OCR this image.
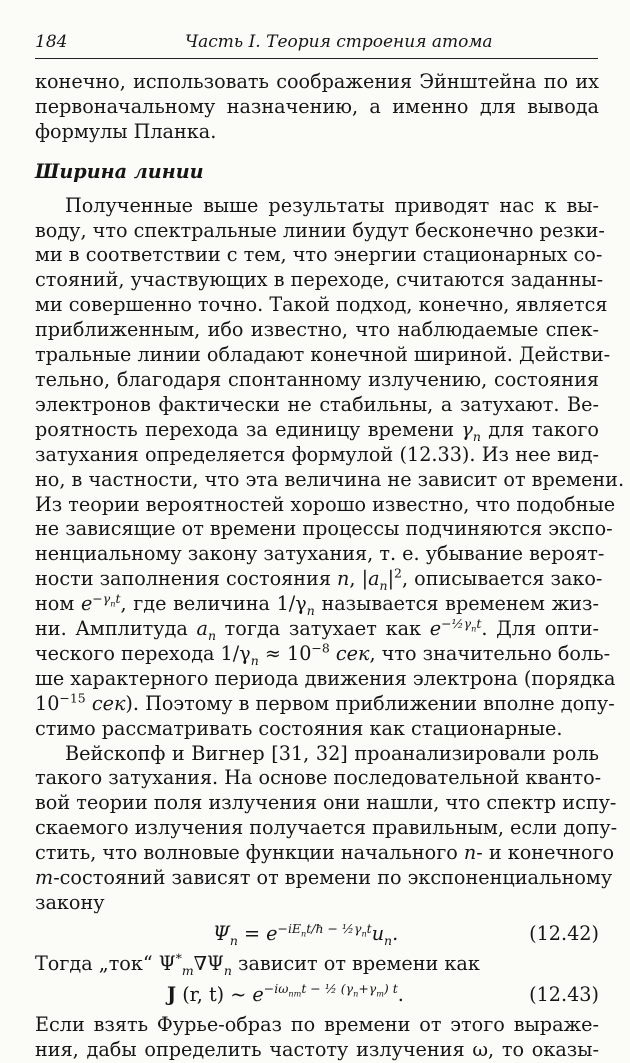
184	Часть I. Теория строения атома
конечно, использовать соображения Эйнштейна по их
первоначальному назначению, а именно для вывода
формулы Планка.
Ширина линии
Полученные выше результаты приводят нас к вы-
воду, что спектральные линии будут бесконечно резки-
ми в соответствии с тем, что энергии стационарных со-
стояний, участвующих в переходе, считаются заданны-
ми совершенно точно. Такой подход, конечно, является
приближенным, ибо известно, что наблюдаемые спек-
тральные линии обладают конечной шириной. Действи-
тельно, благодаря спонтанному излучению, состояния
электронов фактически не стабильны, а затухают. Ве-
роятность перехода за единицу времени $\gamma_n$ для такого
затухания определяется формулой (12.33). Из нее вид-
но, в частности, что эта величина не зависит от времени.
Из теории вероятностей хорошо известно, что подобные
не зависящие от времени процессы подчиняются экспо-
ненциальному закону затухания, т. е. убывание вероят-
ности заполнения состояния n, $|a_n|^2$, описывается зако-
ном $e^{-\gamma_nt}$, где величина $1/\gamma_n$ называется временем жиз-
ни. Амплитуда $a_n$ тогда затухает как $e^{-\frac{1}{2}\gamma_nt}$. Для опти-
ческого перехода $1/\gamma_n \approx 10^{-8}$ сек, что значительно боль-
ше характерного периода движения электрона (порядка
$10^{-15}$ сек). Поэтому в первом приближении вполне допу-
стимо рассматривать состояния как стационарные.
Вейскопф и Вигнер [31, 32] проанализировали роль
такого затухания. На основе последовательной кванто-
вой теории поля излучения они нашли, что спектр испу-
скаемого излучения получается правильным, если допу-
стить, что волновые функции начального n- и конечного
m-состояний зависят от времени по экспоненциальному
закону
$\Psi_n = e^{-iE_nt/ħ - \frac{1}{2}\gamma_nt}u_n$.	(12.42)
Тогда „ток“ $\Psi^*_m\nabla\Psi_n$ зависит от времени как
J (r, t) ~ $e^{-i\omega_{nm}t - \frac{1}{2} (\gamma_n+\gamma_m) t}$.	(12.43)
Если взять Фурье-образ по времени от этого выраже-
ния, дабы определить частоту излучения ω, то оказы-
